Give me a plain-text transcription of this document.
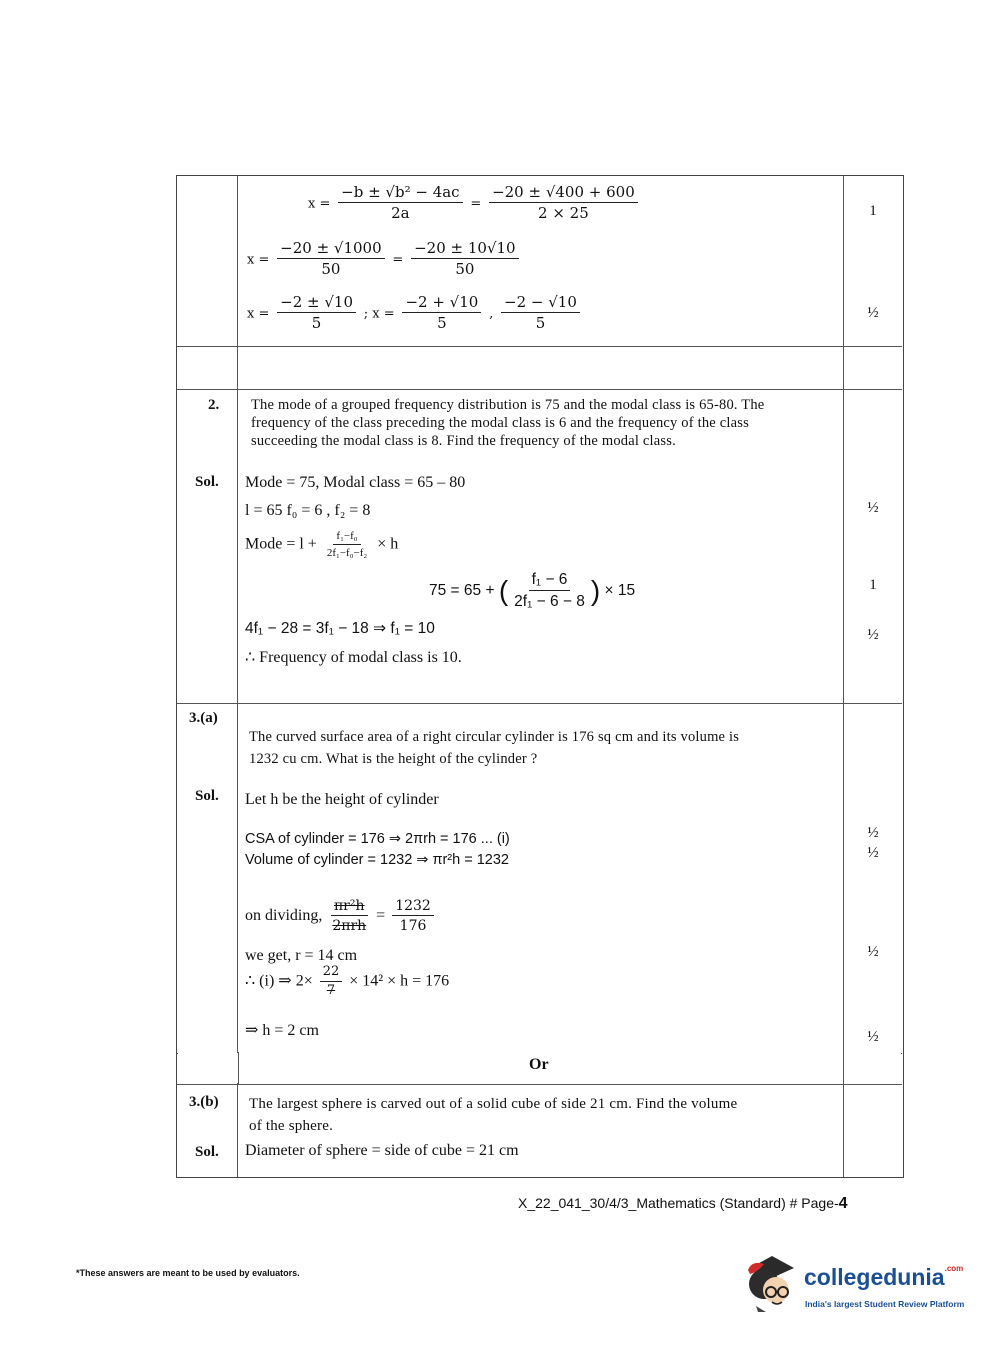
$x = \frac{\text{−b ± √b² − 4ac}}{2a} = \frac{-20 \pm √400 + 600}{2 \times 25}$	1
$x = \frac{-20 \pm √1000}{50} = \frac{-20 \pm 10√10}{50}$
$x = \frac{-2 \pm √10}{5}$ ; $x = \frac{-2 + √10}{5}$ , $\frac{-2 - √10}{5}$	½
2. The mode of a grouped frequency distribution is 75 and the modal class is 65-80. The frequency of the class preceding the modal class is 6 and the frequency of the class succeeding the modal class is 8. Find the frequency of the modal class.
Sol. Mode = 75, Modal class = 65 – 80
l = 65 f₀ = 6 , f₂ = 8	½
Mode = $l + \frac{\text{f₁−f₀}}{\text{2f₁−f₀−f₂}} \times h$
75 = 65 + ( $\frac{\text{f₁ − 6}}{\text{2f₁ − 6 − 8}}$ ) × 15	1
4f₁ − 28 = 3f₁ − 18 ⇒ f₁ = 10	½
∴ Frequency of modal class is 10.
3.(a)
The curved surface area of a right circular cylinder is 176 sq cm and its volume is 1232 cu cm. What is the height of the cylinder ?
Sol. Let h be the height of cylinder
CSA of cylinder = 176 ⇒ 2πrh = 176 ... (i)	½
Volume of cylinder = 1232 ⇒ πr²h = 1232	½
on dividing, $\frac{\text{πr²h}}{\text{2πrh}} = \frac{1232}{176}$
we get, r = 14 cm	½
∴ (i) ⇒ $2\times \frac{22}{7} \times 14^2 \times h = 176$
⇒ h = 2 cm	½
Or
3.(b) The largest sphere is carved out of a solid cube of side 21 cm. Find the volume of the sphere.
Sol. Diameter of sphere = side of cube = 21 cm
X_22_041_30/4/3_Mathematics (Standard) # Page-4
*These answers are meant to be used by evaluators.	collegedunia$^{.com}$
India's largest Student Review Platform
